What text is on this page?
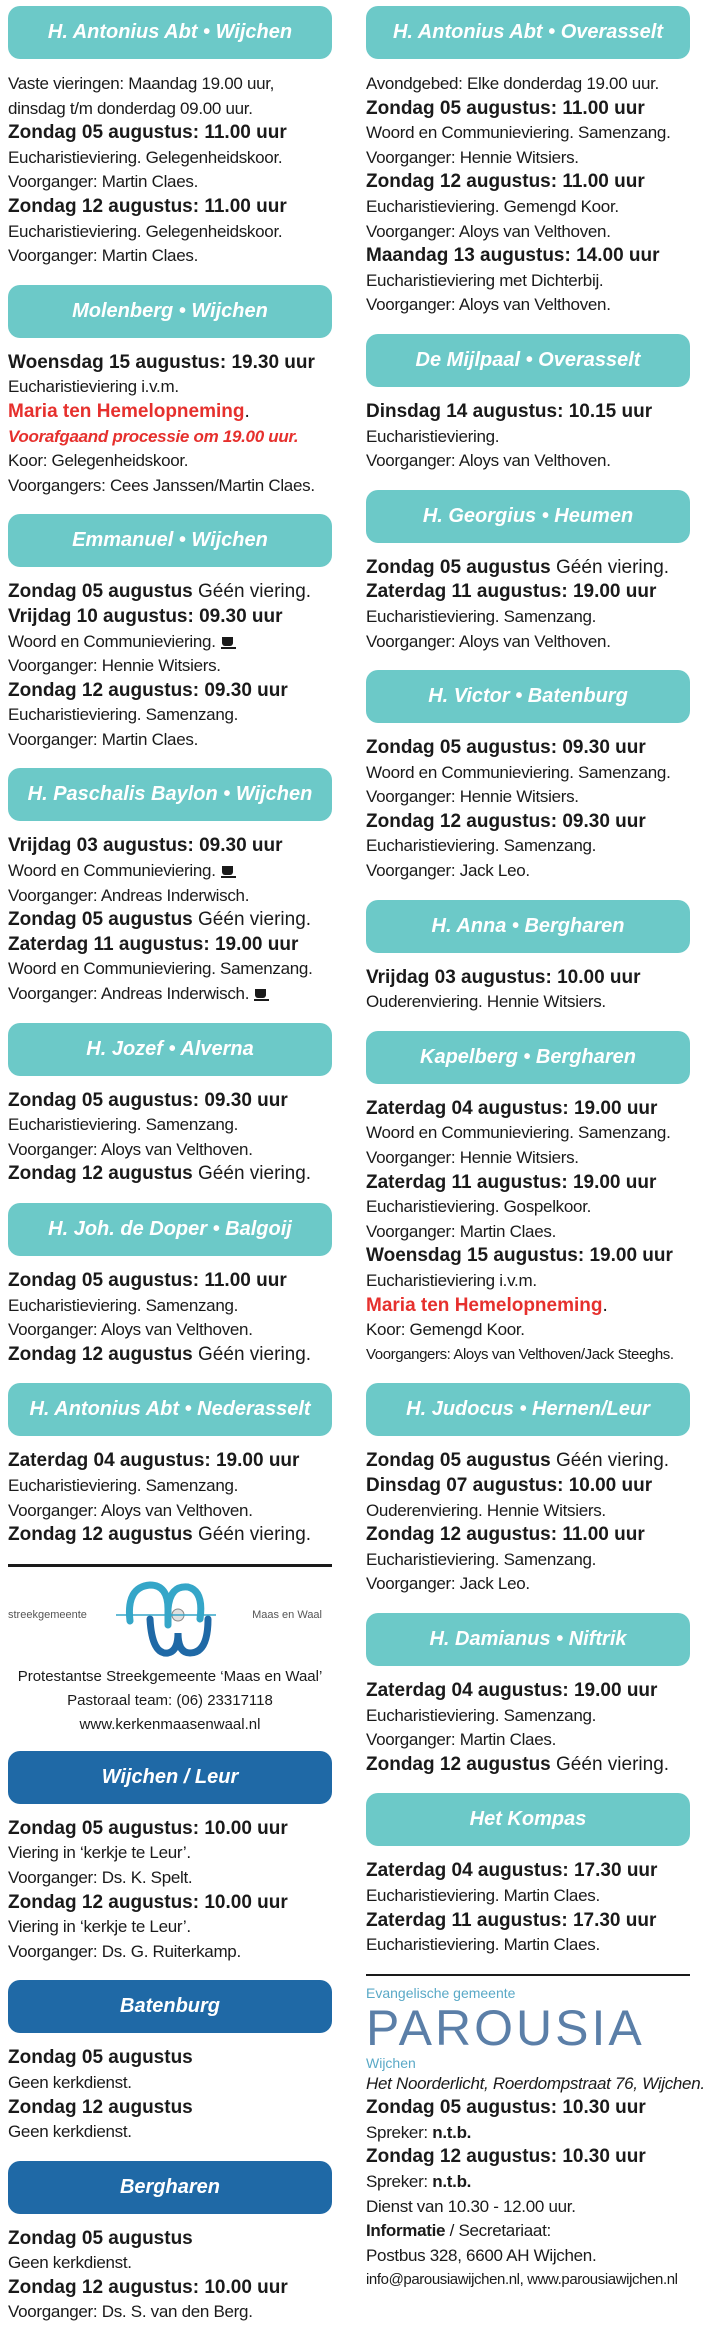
H. Antonius Abt • Wijchen
Vaste vieringen: Maandag 19.00 uur,
dinsdag t/m donderdag 09.00 uur.
Zondag 05 augustus: 11.00 uur
Eucharistieviering. Gelegenheidskoor.
Voorganger: Martin Claes.
Zondag 12 augustus: 11.00 uur
Eucharistieviering. Gelegenheidskoor.
Voorganger: Martin Claes.
Molenberg • Wijchen
Woensdag 15 augustus: 19.30 uur
Eucharistieviering i.v.m.
Maria ten Hemelopneming.
Voorafgaand processie om 19.00 uur.
Koor: Gelegenheidskoor.
Voorgangers: Cees Janssen/Martin Claes.
Emmanuel • Wijchen
Zondag 05 augustus Géén viering.
Vrijdag 10 augustus: 09.30 uur
Woord en Communieviering.
Voorganger: Hennie Witsiers.
Zondag 12 augustus: 09.30 uur
Eucharistieviering. Samenzang.
Voorganger: Martin Claes.
H. Paschalis Baylon • Wijchen
Vrijdag 03 augustus: 09.30 uur
Woord en Communieviering.
Voorganger: Andreas Inderwisch.
Zondag 05 augustus Géén viering.
Zaterdag 11 augustus: 19.00 uur
Woord en Communieviering. Samenzang.
Voorganger: Andreas Inderwisch.
H. Jozef • Alverna
Zondag 05 augustus: 09.30 uur
Eucharistieviering. Samenzang.
Voorganger: Aloys van Velthoven.
Zondag 12 augustus Géén viering.
H. Joh. de Doper • Balgoij
Zondag 05 augustus: 11.00 uur
Eucharistieviering. Samenzang.
Voorganger: Aloys van Velthoven.
Zondag 12 augustus Géén viering.
H. Antonius Abt • Nederasselt
Zaterdag 04 augustus: 19.00 uur
Eucharistieviering. Samenzang.
Voorganger: Aloys van Velthoven.
Zondag 12 augustus Géén viering.
streekgemeente	Maas en Waal
Protestantse Streekgemeente ‘Maas en Waal’
Pastoraal team: (06) 23317118
www.kerkenmaasenwaal.nl
Wijchen / Leur
Zondag 05 augustus: 10.00 uur
Viering in ‘kerkje te Leur’.
Voorganger: Ds. K. Spelt.
Zondag 12 augustus: 10.00 uur
Viering in ‘kerkje te Leur’.
Voorganger: Ds. G. Ruiterkamp.
Batenburg
Zondag 05 augustus
Geen kerkdienst.
Zondag 12 augustus
Geen kerkdienst.
Bergharen
Zondag 05 augustus
Geen kerkdienst.
Zondag 12 augustus: 10.00 uur
Voorganger: Ds. S. van den Berg.
H. Antonius Abt • Overasselt
Avondgebed: Elke donderdag 19.00 uur.
Zondag 05 augustus: 11.00 uur
Woord en Communieviering. Samenzang.
Voorganger: Hennie Witsiers.
Zondag 12 augustus: 11.00 uur
Eucharistieviering. Gemengd Koor.
Voorganger: Aloys van Velthoven.
Maandag 13 augustus: 14.00 uur
Eucharistieviering met Dichterbij.
Voorganger: Aloys van Velthoven.
De Mijlpaal • Overasselt
Dinsdag 14 augustus: 10.15 uur
Eucharistieviering.
Voorganger: Aloys van Velthoven.
H. Georgius • Heumen
Zondag 05 augustus Géén viering.
Zaterdag 11 augustus: 19.00 uur
Eucharistieviering. Samenzang.
Voorganger: Aloys van Velthoven.
H. Victor • Batenburg
Zondag 05 augustus: 09.30 uur
Woord en Communieviering. Samenzang.
Voorganger: Hennie Witsiers.
Zondag 12 augustus: 09.30 uur
Eucharistieviering. Samenzang.
Voorganger: Jack Leo.
H. Anna • Bergharen
Vrijdag 03 augustus: 10.00 uur
Ouderenviering. Hennie Witsiers.
Kapelberg • Bergharen
Zaterdag 04 augustus: 19.00 uur
Woord en Communieviering. Samenzang.
Voorganger: Hennie Witsiers.
Zaterdag 11 augustus: 19.00 uur
Eucharistieviering. Gospelkoor.
Voorganger: Martin Claes.
Woensdag 15 augustus: 19.00 uur
Eucharistieviering i.v.m.
Maria ten Hemelopneming.
Koor: Gemengd Koor.
Voorgangers: Aloys van Velthoven/Jack Steeghs.
H. Judocus • Hernen/Leur
Zondag 05 augustus Géén viering.
Dinsdag 07 augustus: 10.00 uur
Ouderenviering. Hennie Witsiers.
Zondag 12 augustus: 11.00 uur
Eucharistieviering. Samenzang.
Voorganger: Jack Leo.
H. Damianus • Niftrik
Zaterdag 04 augustus: 19.00 uur
Eucharistieviering. Samenzang.
Voorganger: Martin Claes.
Zondag 12 augustus Géén viering.
Het Kompas
Zaterdag 04 augustus: 17.30 uur
Eucharistieviering. Martin Claes.
Zaterdag 11 augustus: 17.30 uur
Eucharistieviering. Martin Claes.
Evangelische gemeente
PAROUSIA
Wijchen
Het Noorderlicht, Roerdompstraat 76, Wijchen.
Zondag 05 augustus: 10.30 uur
Spreker: n.t.b.
Zondag 12 augustus: 10.30 uur
Spreker: n.t.b.
Dienst van 10.30 - 12.00 uur.
Informatie / Secretariaat:
Postbus 328, 6600 AH Wijchen.
info@parousiawijchen.nl, www.parousiawijchen.nl
